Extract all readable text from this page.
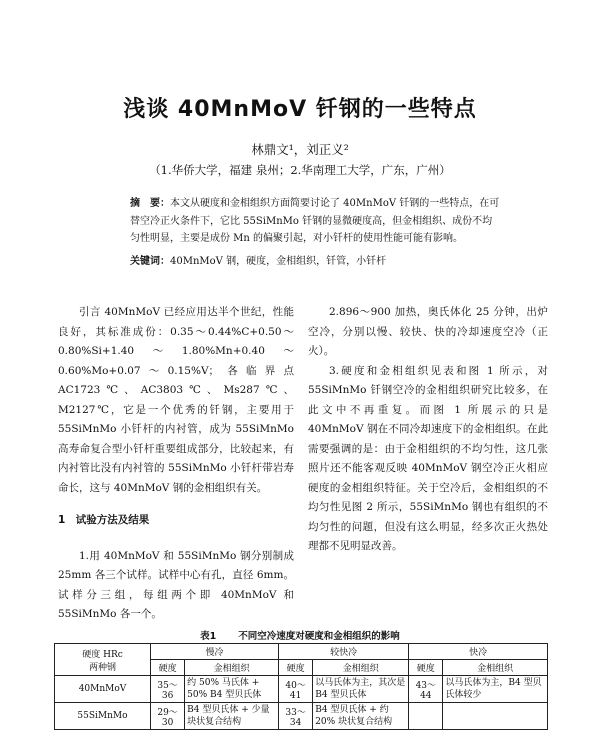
浅谈 40MnMoV 钎钢的一些特点
林鼎文¹，刘正义²
（1.华侨大学，福建 泉州；2.华南理工大学，广东，广州）
摘　要：本文从硬度和金相组织方面简要讨论了 40MnMoV 钎钢的一些特点，在可替空冷正火条件下，它比 55SiMnMo 钎钢的显微硬度高，但金相组织、成份不均匀性明显，主要是成份 Mn 的偏聚引起，对小钎杆的使用性能可能有影响。
关键词：40MnMoV 钢，硬度，金相组织，钎管，小钎杆

引言 40MnMoV 已经应用达半个世纪，性能良好，其标准成份：0.35～0.44%C+0.50～0.80%Si+1.40～1.80%Mn+0.40～0.60%Mo+0.07～0.15%V；各临界点 AC1723℃、AC3803℃、Ms287℃、M2127℃，它是一个优秀的钎钢，主要用于 55SiMnMo 小钎杆的内衬管，成为 55SiMnMo 高寿命复合型小钎杆重要组成部分，比较起来，有内衬管比没有内衬管的 55SiMnMo 小钎杆带岩寿命长，这与 40MnMoV 钢的金相组织有关。

1　试验方法及结果

1.用 40MnMoV 和 55SiMnMo 钢分别制成 25mm 各三个试样。试样中心有孔，直径 6mm。试样分三组，每组两个即 40MnMoV 和 55SiMnMo 各一个。

2.896～900 加热，奥氏体化 25 分钟，出炉空冷，分别以慢、较快、快的冷却速度空冷（正火）。

3.硬度和金相组织见表和图 1 所示，对 55SiMnMo 钎钢空冷的金相组织研究比较多，在此文中不再重复。而图 1 所展示的只是 40MnMoV 钢在不同冷却速度下的金相组织。在此需要强调的是：由于金相组织的不均匀性，这几张照片还不能客观反映 40MnMoV 钢空冷正火相应硬度的金相组织特征。关于空冷后，金相组织的不均匀性见图 2 所示，55SiMnMo 钢也有组织的不均匀性的问题，但没有这么明显，经多次正火热处理都不见明显改善。

表1 不同空冷速度对硬度和金相组织的影响
硬度 HRc
两种钢	慢冷		较快冷		快冷	
	硬度	金相组织	硬度	金相组织	硬度	金相组织
40MnMoV	35～36	约 50% 马氏体 + 50% B4 型贝氏体	40～41	以马氏体为主，其次是 B4 型贝氏体	43～44	以马氏体为主，B4 型贝氏体较少

55SiMnMo	29～30	B4 型贝氏体 + 少量块状复合结构	33～34	B4 型贝氏体 + 约 20% 块状复合结构		
